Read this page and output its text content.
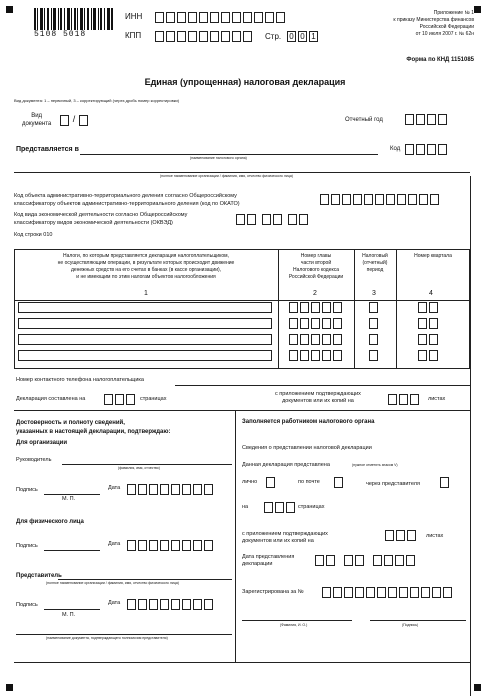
5108 5018
ИНН
КПП	Стр. 0 0 1
Приложение № 1
к приказу Министерства финансов
Российской Федерации
от 10 июля 2007 г. № 62н
Форма по КНД 1151085
Единая (упрощенная) налоговая декларация
Вид документа: 1 – первичный, 3 – корректирующий (через дробь номер корректировки)
Вид
документа /	Отчетный год
Представляется в
(наименование налогового органа)
Код
(полное наименование организации / фамилия, имя, отчество физического лица)
Код объекта административно-территориального деления согласно Общероссийскому
классификатору объектов административно-территориального деления (код по ОКАТО)
Код вида экономической деятельности согласно Общероссийскому
классификатору видов экономической деятельности (ОКВЭД)
Код строки 010
Налоги, по которым представляется декларация налогоплательщиком,
не осуществляющим операции, в результате которых происходит движение
денежных средств на его счетах в банках (в кассе организации),
и не имеющим по этим налогам объектов налогообложения
Номер главы
части второй
Налогового кодекса
Российской Федерации
Налоговый
(отчетный)
период
Номер квартала
1	2	3	4
Номер контактного телефона налогоплательщика
Декларация составлена на	страницах
с приложением подтверждающих
документов или их копий на	листах
Достоверность и полноту сведений,
указанных в настоящей декларации, подтверждаю:
Для организации
Руководитель
(фамилия, имя, отчество)
Подпись	Дата
М. П.
Для физического лица
Подпись	Дата
Представитель
(полное наименование организации / фамилия, имя, отчество физического лица)
Подпись	Дата
М. П.
(наименование документа, подтверждающего полномочия представителя)
Заполняется работником налогового органа
Сведения о представлении налоговой декларации
Данная декларация представлена	(нужное отметить знаком V)
лично	по почте	через представителя
на	страницах
с приложением подтверждающих
документов или их копий на
листах
Дата представления
декларации
Зарегистрирована за №
(Фамилия, И. О.)	(Подпись)
